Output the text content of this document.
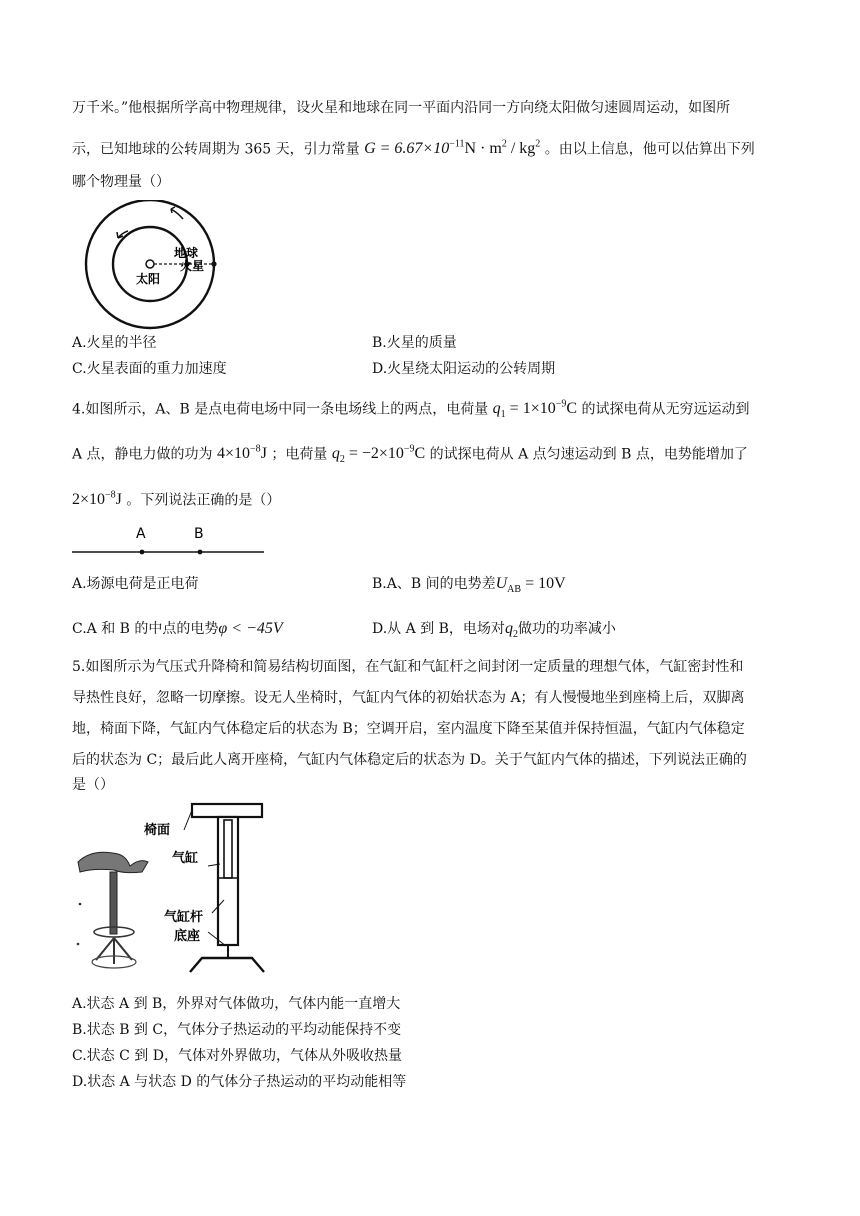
万千米。”他根据所学高中物理规律，设火星和地球在同一平面内沿同一方向绕太阳做匀速圆周运动，如图所
示，已知地球的公转周期为 365 天，引力常量 $G = 6.67\times 10^{-11}N \cdot m^2 / kg^2$ 。由以上信息，他可以估算出下列
哪个物理量（）
太阳
地球
火星
A.火星的半径	B.火星的质量
C.火星表面的重力加速度	D.火星绕太阳运动的公转周期
4.如图所示，A、B 是点电荷电场中同一条电场线上的两点，电荷量 $q_1 = 1\times 10^{-9}C$ 的试探电荷从无穷远运动到
A 点，静电力做的功为 $4\times 10^{-8}J$ ；电荷量 $q_2 = -2\times 10^{-9}C$ 的试探电荷从 A 点匀速运动到 B 点，电势能增加了
$2\times 10^{-8}J$ 。下列说法正确的是（）
A	B
A.场源电荷是正电荷	B.A、B 间的电势差$U_{AB} = 10V$
C.A 和 B 的中点的电势φ < −45V	D.从 A 到 B，电场对$q_2$做功的功率减小
5.如图所示为气压式升降椅和简易结构切面图，在气缸和气缸杆之间封闭一定质量的理想气体，气缸密封性和
导热性良好，忽略一切摩擦。设无人坐椅时，气缸内气体的初始状态为 A；有人慢慢地坐到座椅上后，双脚离
地，椅面下降，气缸内气体稳定后的状态为 B；空调开启，室内温度下降至某值并保持恒温，气缸内气体稳定
后的状态为 C；最后此人离开座椅，气缸内气体稳定后的状态为 D。关于气缸内气体的描述，下列说法正确的
是（）
椅面
气缸
气缸杆
底座
A.状态 A 到 B，外界对气体做功，气体内能一直增大
B.状态 B 到 C，气体分子热运动的平均动能保持不变
C.状态 C 到 D，气体对外界做功，气体从外吸收热量
D.状态 A 与状态 D 的气体分子热运动的平均动能相等
